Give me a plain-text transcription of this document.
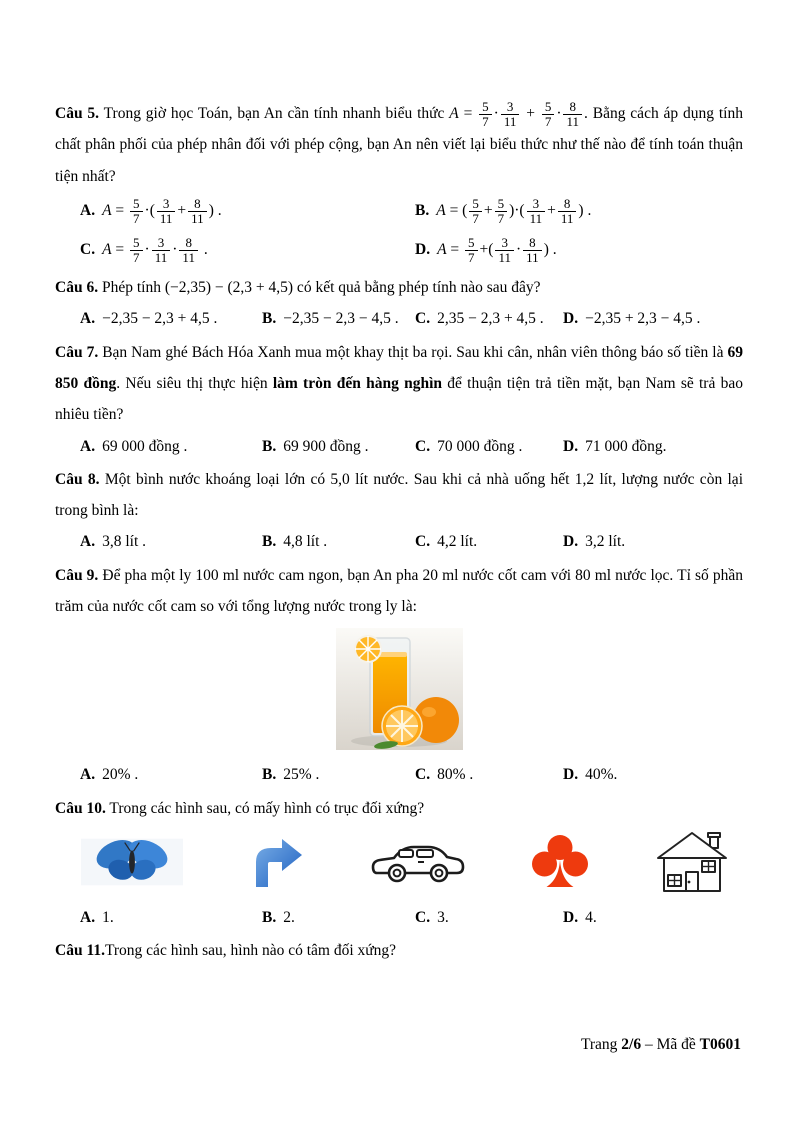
Câu 5. Trong giờ học Toán, bạn An cần tính nhanh biểu thức $A = \frac{5}{7} \cdot \frac{3}{11} + \frac{5}{7} \cdot \frac{8}{11}$ . Bằng cách áp dụng tính chất phân phối của phép nhân đối với phép cộng, bạn An nên viết lại biểu thức như thế nào để tính toán thuận tiện nhất?

A. $A = \frac{5}{7}$ ·( $\frac{3}{11} + \frac{8}{11}$ ) .	B. A = ( $\frac{5}{7} + \frac{5}{7}$ )·( $\frac{3}{11} + \frac{8}{11}$ ) .
C. $A = \frac{5}{7} \cdot \frac{3}{11} \cdot \frac{8}{11}$ .	D. $A = \frac{5}{7}$ +( $\frac{3}{11} \cdot \frac{8}{11}$ ) .

Câu 6. Phép tính (−2,35) − (2,3 + 4,5) có kết quả bằng phép tính nào sau đây?

A. −2,35 − 2,3 + 4,5 .	B. −2,35 − 2,3 − 4,5 .	C. 2,35 − 2,3 + 4,5 .	D. −2,35 + 2,3 − 4,5 .

Câu 7. Bạn Nam ghé Bách Hóa Xanh mua một khay thịt ba rọi. Sau khi cân, nhân viên thông báo số tiền là 69 850 đồng. Nếu siêu thị thực hiện làm tròn đến hàng nghìn để thuận tiện trả tiền mặt, bạn Nam sẽ trả bao nhiêu tiền?

A. 69 000 đồng .	B. 69 900 đồng .	C. 70 000 đồng .	D. 71 000 đồng.

Câu 8. Một bình nước khoáng loại lớn có 5,0 lít nước. Sau khi cả nhà uống hết 1,2 lít, lượng nước còn lại trong bình là:

A. 3,8 lít .	B. 4,8 lít .	C. 4,2 lít.	D. 3,2 lít.

Câu 9. Để pha một ly 100 ml nước cam ngon, bạn An pha 20 ml nước cốt cam với 80 ml nước lọc. Tỉ số phần trăm của nước cốt cam so với tổng lượng nước trong ly là:

A. 20% .	B. 25% .	C. 80% .	D. 40%.

Câu 10. Trong các hình sau, có mấy hình có trục đối xứng?

A. 1.	B. 2.	C. 3.	D. 4.

Câu 11.Trong các hình sau, hình nào có tâm đối xứng?

Trang 2/6 – Mã đề T0601
